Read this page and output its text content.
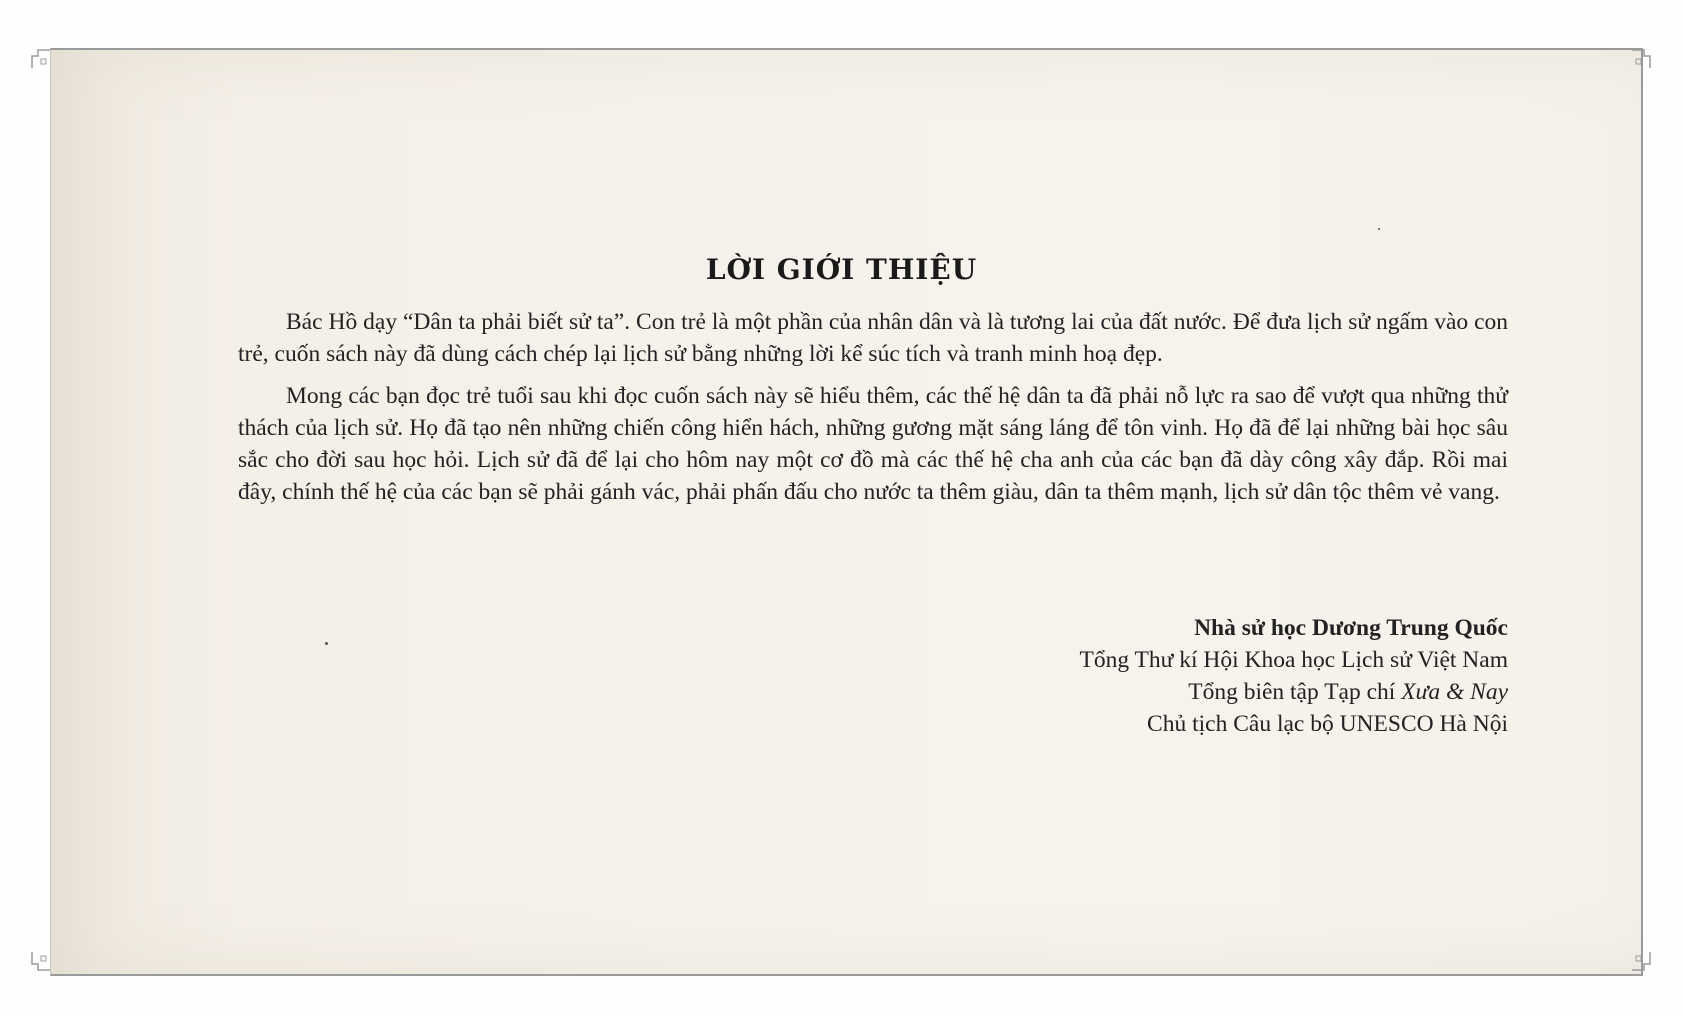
LỜI GIỚI THIỆU

Bác Hồ dạy “Dân ta phải biết sử ta”. Con trẻ là một phần của nhân dân và là tương lai của đất nước. Để đưa lịch sử ngấm vào con trẻ, cuốn sách này đã dùng cách chép lại lịch sử bằng những lời kể súc tích và tranh minh hoạ đẹp.

Mong các bạn đọc trẻ tuổi sau khi đọc cuốn sách này sẽ hiểu thêm, các thế hệ dân ta đã phải nỗ lực ra sao để vượt qua những thử thách của lịch sử. Họ đã tạo nên những chiến công hiển hách, những gương mặt sáng láng để tôn vinh. Họ đã để lại những bài học sâu sắc cho đời sau học hỏi. Lịch sử đã để lại cho hôm nay một cơ đồ mà các thế hệ cha anh của các bạn đã dày công xây đắp. Rồi mai đây, chính thế hệ của các bạn sẽ phải gánh vác, phải phấn đấu cho nước ta thêm giàu, dân ta thêm mạnh, lịch sử dân tộc thêm vẻ vang.

Nhà sử học Dương Trung Quốc
Tổng Thư kí Hội Khoa học Lịch sử Việt Nam
Tổng biên tập Tạp chí Xưa & Nay
Chủ tịch Câu lạc bộ UNESCO Hà Nội
